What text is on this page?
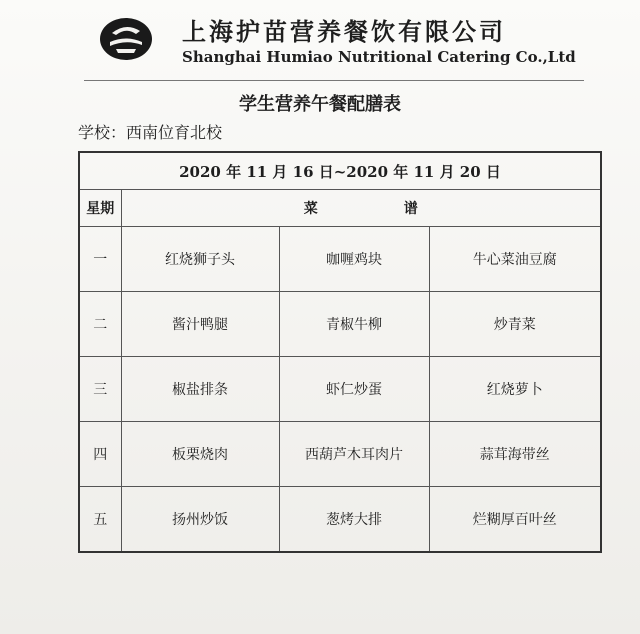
上海护苗营养餐饮有限公司
Shanghai Humiao Nutritional Catering Co.,Ltd
学生营养午餐配膳表
学校：西南位育北校
2020 年 11 月 16 日~2020 年 11 月 20 日			
星期	菜谱		
一	红烧狮子头	咖喱鸡块	牛心菜油豆腐
二	酱汁鸭腿	青椒牛柳	炒青菜
三	椒盐排条	虾仁炒蛋	红烧萝卜
四	板栗烧肉	西葫芦木耳肉片	蒜茸海带丝
五	扬州炒饭	葱烤大排	烂糊厚百叶丝
